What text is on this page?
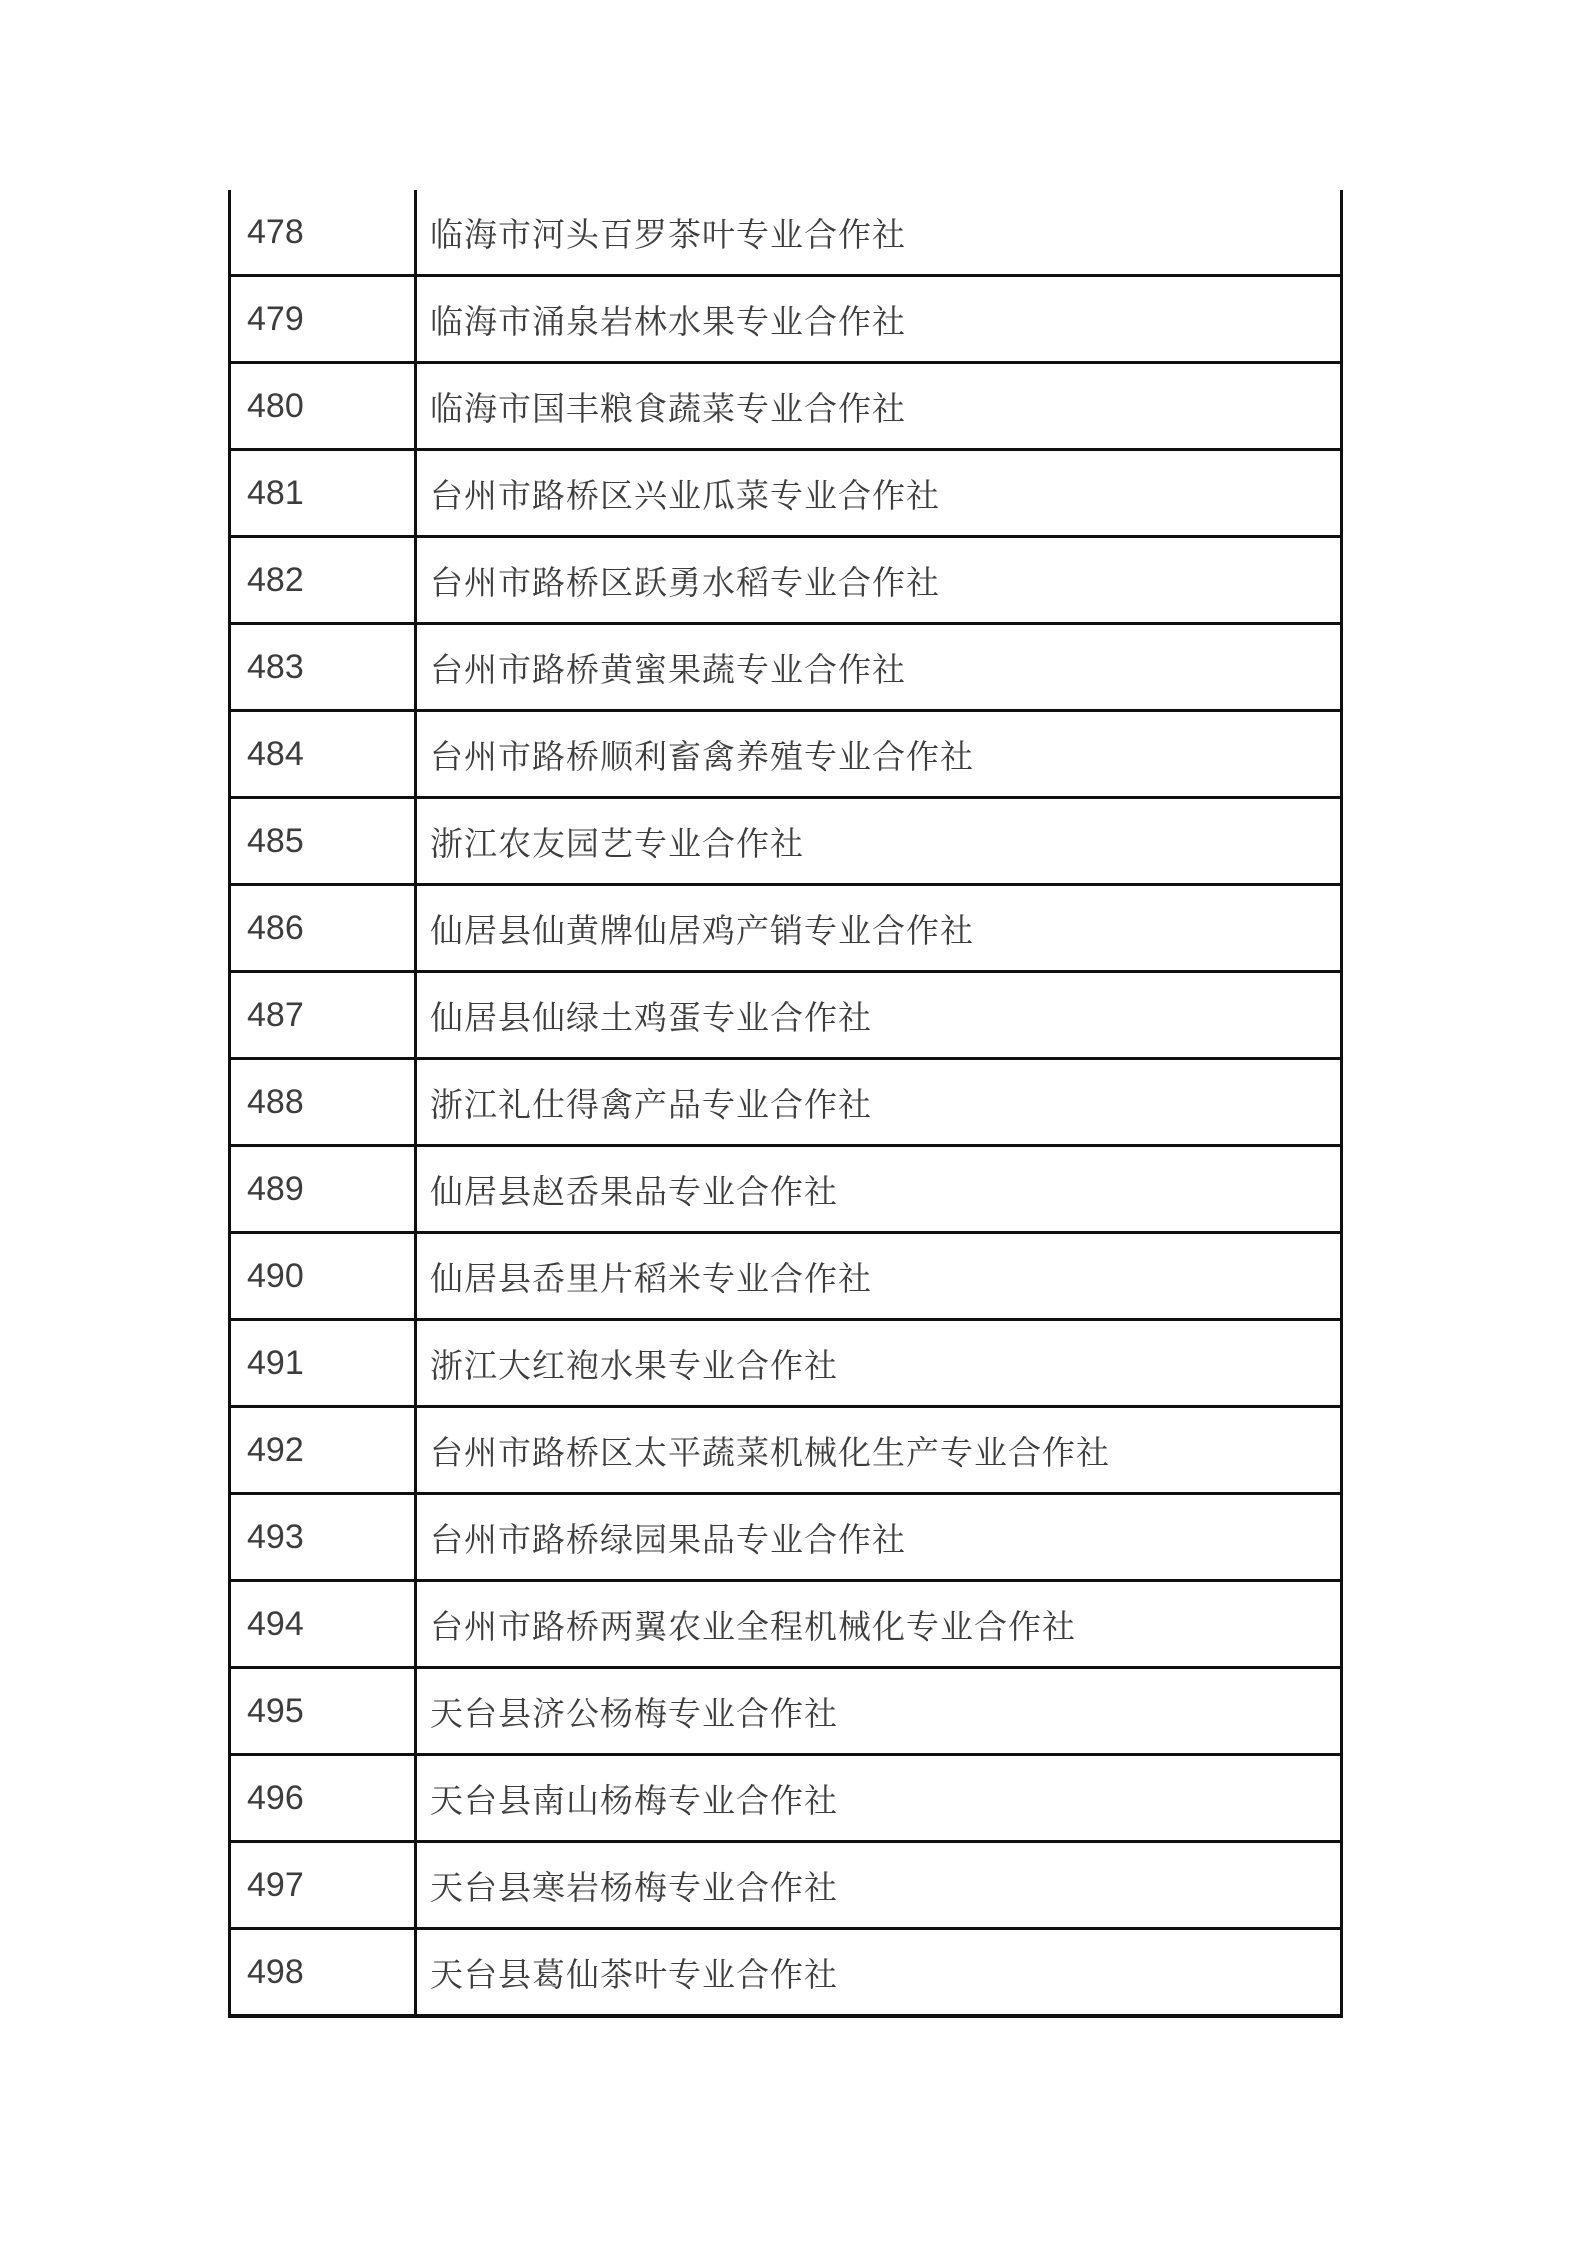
478	临海市河头百罗茶叶专业合作社
479	临海市涌泉岩林水果专业合作社
480	临海市国丰粮食蔬菜专业合作社
481	台州市路桥区兴业瓜菜专业合作社
482	台州市路桥区跃勇水稻专业合作社
483	台州市路桥黄蜜果蔬专业合作社
484	台州市路桥顺利畜禽养殖专业合作社
485	浙江农友园艺专业合作社
486	仙居县仙黄牌仙居鸡产销专业合作社
487	仙居县仙绿土鸡蛋专业合作社
488	浙江礼仕得禽产品专业合作社
489	仙居县赵岙果品专业合作社
490	仙居县岙里片稻米专业合作社
491	浙江大红袍水果专业合作社
492	台州市路桥区太平蔬菜机械化生产专业合作社
493	台州市路桥绿园果品专业合作社
494	台州市路桥两翼农业全程机械化专业合作社
495	天台县济公杨梅专业合作社
496	天台县南山杨梅专业合作社
497	天台县寒岩杨梅专业合作社
498	天台县葛仙茶叶专业合作社
